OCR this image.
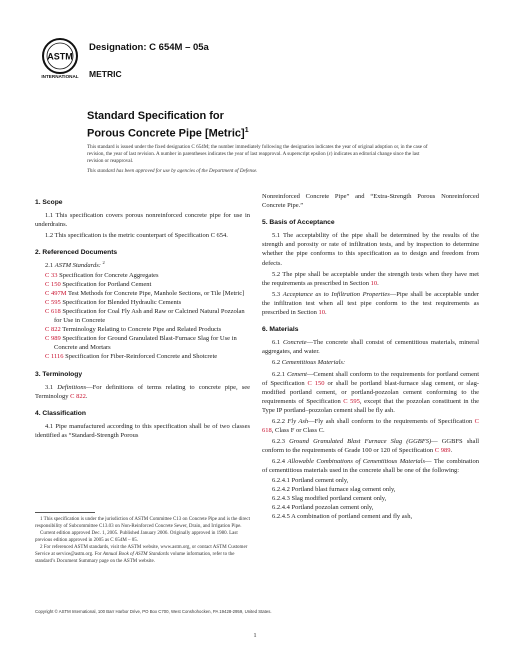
ASTM
INTERNATIONAL
Designation: C 654M – 05a
METRIC
Standard Specification for
Porous Concrete Pipe [Metric]$^1$

This standard is issued under the fixed designation C 654M; the number immediately following the designation indicates the year of original adoption or, in the case of revision, the year of last revision. A number in parentheses indicates the year of last reapproval. A superscript epsilon (ε) indicates an editorial change since the last revision or reapproval.

This standard has been approved for use by agencies of the Department of Defense.

1. Scope
1.1 This specification covers porous nonreinforced concrete pipe for use in underdrains.
1.2 This specification is the metric counterpart of Specification C 654.
2. Referenced Documents
2.1 ASTM Standards: $^2$
C 33 Specification for Concrete Aggregates
C 150 Specification for Portland Cement
C 497M Test Methods for Concrete Pipe, Manhole Sections, or Tile [Metric]
C 595 Specification for Blended Hydraulic Cements
C 618 Specification for Coal Fly Ash and Raw or Calcined Natural Pozzolan for Use in Concrete
C 822 Terminology Relating to Concrete Pipe and Related Products
C 989 Specification for Ground Granulated Blast-Furnace Slag for Use in Concrete and Mortars
C 1116 Specification for Fiber-Reinforced Concrete and Shotcrete
3. Terminology
3.1 Definitions—For definitions of terms relating to concrete pipe, see Terminology C 822.
4. Classification
4.1 Pipe manufactured according to this specification shall be of two classes identified as “Standard-Strength Porous

1 This specification is under the jurisdiction of ASTM Committee C13 on Concrete Pipe and is the direct responsibility of Subcommittee C13.03 on Non-Reinforced Concrete Sewer, Drain, and Irrigation Pipe.

Current edition approved Dec. 1, 2005. Published January 2006. Originally approved in 1980. Last previous edition approved in 2005 as C 654M – 05.

2 For referenced ASTM standards, visit the ASTM website, www.astm.org, or contact ASTM Customer Service at service@astm.org. For Annual Book of ASTM Standards volume information, refer to the standard’s Document Summary page on the ASTM website.

Nonreinforced Concrete Pipe” and “Extra-Strength Porous Nonreinforced Concrete Pipe.”
5. Basis of Acceptance
5.1 The acceptability of the pipe shall be determined by the results of the strength and porosity or rate of infiltration tests, and by inspection to determine whether the pipe conforms to this specification as to design and freedom from defects.
5.2 The pipe shall be acceptable under the strength tests when they have met the requirements as prescribed in Section 10.
5.3 Acceptance as to Infiltration Properties—Pipe shall be acceptable under the infiltration test when all test pipe conform to the test requirements as prescribed in Section 10.
6. Materials
6.1 Concrete—The concrete shall consist of cementitious materials, mineral aggregates, and water.
6.2 Cementitious Materials:
6.2.1 Cement—Cement shall conform to the requirements for portland cement of Specification C 150 or shall be portland blast-furnace slag cement, or slag-modified portland cement, or portland-pozzolan cement conforming to the requirements of Specification C 595, except that the pozzolan constituent in the Type IP portland–pozzolan cement shall be fly ash.
6.2.2 Fly Ash—Fly ash shall conform to the requirements of Specification C 618, Class F or Class C.
6.2.3 Ground Granulated Blast Furnace Slag (GGBFS)— GGBFS shall conform to the requirements of Grade 100 or 120 of Specification C 989.
6.2.4 Allowable Combinations of Cementitious Materials— The combination of cementitious materials used in the concrete shall be one of the following:
6.2.4.1 Portland cement only,
6.2.4.2 Portland blast furnace slag cement only,
6.2.4.3 Slag modified portland cement only,
6.2.4.4 Portland pozzolan cement only,
6.2.4.5 A combination of portland cement and fly ash,
Copyright © ASTM International, 100 Barr Harbor Drive, PO Box C700, West Conshohocken, PA 19428-2959, United States.
1
